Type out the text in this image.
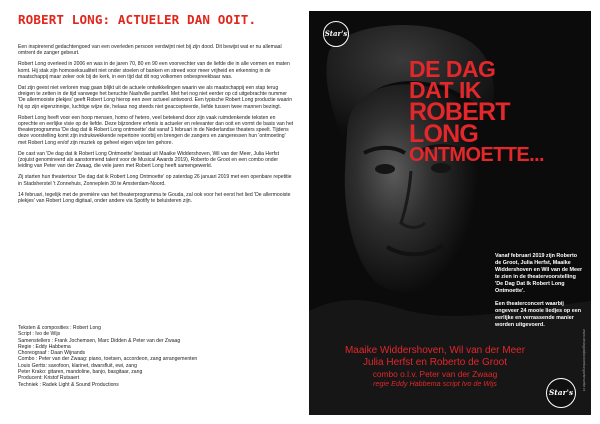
ROBERT LONG: ACTUELER DAN OOIT.

Een inspirerend gedachtengoed van een overleden persoon verdwijnt niet bij zijn dood. Dit bewijst wat er nu allemaal omtrent de zanger gebeurt.

Robert Long overleed in 2006 en was in de jaren 70, 80 en 90 een voorvechter van de liefde die in alle vormen en maten komt. Hij stak zijn homoseksualiteit niet onder stoelen of banken en streed voor meer vrijheid en erkenning in de maatschappij maar zeker ook bij de kerk, in een tijd dat dit nog volkomen onbespreekbaar was.

Dat zijn geest niet verloren mag gaan blijkt uit de actuele ontwikkelingen waarin we als maatschappij een stap terug dreigen te zetten in de tijd vanwege het beruchte Nashville pamflet. Met het nog niet eerder op cd uitgebrachte nummer 'De allermooiste plekjes' geeft Robert Long hierop een zeer actueel antwoord. Een typische Robert Long productie waarin hij op zijn eigenzinnige, luchtige wijze de, helaas nog steeds niet geaccepteerde, liefde tussen twee mannen bezingt.

Robert Long heeft voor een hoop mensen, homo of hetero, veel betekend door zijn vaak ruimdenkende teksten en oprechte en eerlijke visie op de liefde. Deze bijzondere erfenis is actueler en relevanter dan ooit en vormt de basis van het theaterprogramma 'De dag dat ik Robert Long ontmoette' dat vanaf 1 februari in de Nederlandse theaters speelt. Tijdens deze voorstelling komt zijn indrukwekkende repertoire voorbij en brengen de zangers en zangeressen hun 'ontmoeting' met Robert Long en/of zijn muziek op geheel eigen wijze ten gehore.

De cast van 'De dag dat ik Robert Long Ontmoette' bestaat uit Maaike Widdershoven, Wil van der Meer, Julia Herfst (zojuist genomineerd als aanstormend talent voor de Musical Awards 2019), Roberto de Groot en een combo onder leiding van Peter van der Zwaag, die vele jaren met Robert Long heeft samengewerkt.

Zij starten hun theatertour 'De dag dat ik Robert Long Ontmoette' op zaterdag 26 januari 2019 met een openbare repetitie in Stadsherstel 't Zonnehuis, Zonneplein 30 te Amsterdam-Noord.

14 februari, tegelijk met de première van het theaterprogramma te Gouda, zal ook voor het eerst het lied 'De allermooiste plekjes' van Robert Long digitaal, onder andere via Spotify te beluisteren zijn.

Teksten & composities : Robert Long
Script : Ivo de Wijs
Samenstellers : Frank Jochemsen, Marc Didden & Peter van der Zwaag
Regie : Eddy Habbema
Choreograaf : Daan Wijnands
Combo : Peter van der Zwaag: piano, toetsen, accordeon, zang arrangementen
Louis Gertts: saxofoon, klarinet, dwarsfluit, ewi, zang
Peter Krako: gitaren, mandoline, banjo, basgitaar, zang
Producent: Kristof Rutsaert
Techniek : Radek Light & Sound Productions
Star's
DE DAG
DAT IK
ROBERT
LONG
ONTMOETTE...

Vanaf februari 2019 zijn Roberto de Groot, Julia Herfst, Maaike Widdershoven en Wil van de Meer te zien in de theatervoorstelling 'De Dag Dat Ik Robert Long Ontmoette'.

Een theaterconcert waarbij ongeveer 24 mooie liedjes op een eerlijke en verrassende manier worden uitgevoerd.

Maaike Widdershoven, Wil van der Meer
Julia Herfst en Roberto de Groot
combo o.l.v. Peter van der Zwaag
regie Eddy Habbema script Ivo de Wijs	www.dedagdatikrobertlongontmoette.nl
Star's
